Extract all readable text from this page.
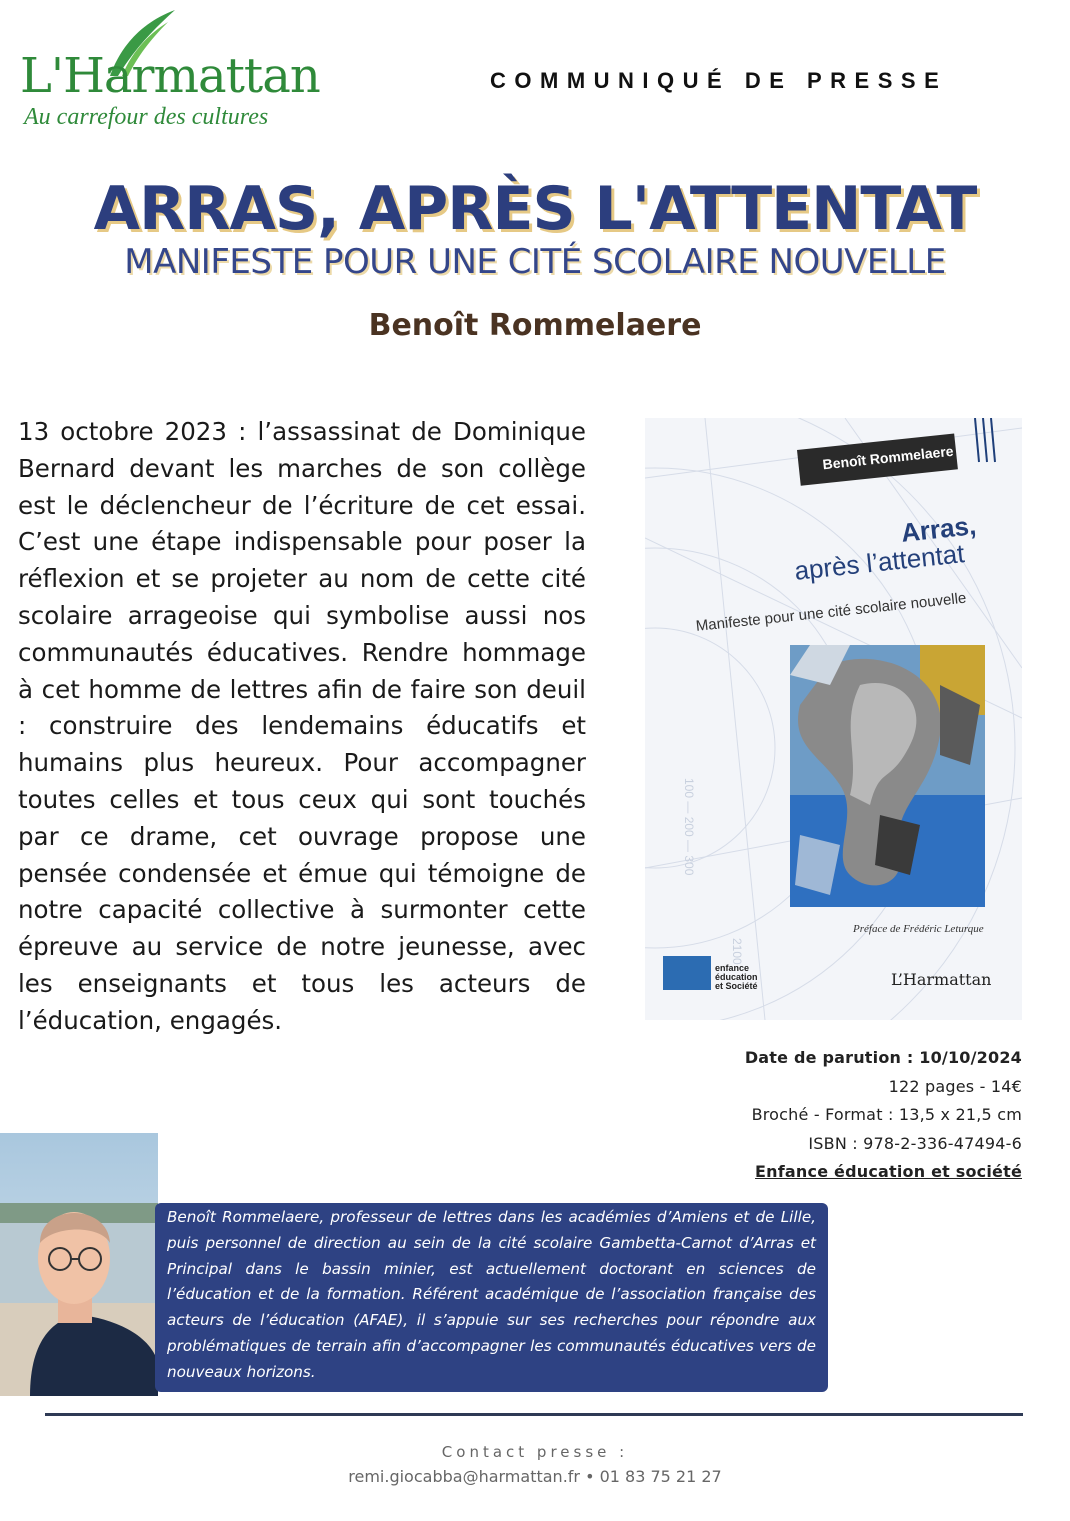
L'Harmattan
Au carrefour des cultures
COMMUNIQUÉ DE PRESSE
ARRAS, APRÈS L'ATTENTAT
MANIFESTE POUR UNE CITÉ SCOLAIRE NOUVELLE
Benoît Rommelaere

13 octobre 2023 : l’assassinat de Dominique Bernard devant les marches de son collège est le déclencheur de l’écriture de cet essai. C’est une étape indispensable pour poser la réflexion et se projeter au nom de cette cité scolaire arrageoise qui symbolise aussi nos communautés éducatives. Rendre hommage à cet homme de lettres afin de faire son deuil : construire des lendemains éducatifs et humains plus heureux. Pour accompagner toutes celles et tous ceux qui sont touchés par ce drame, cet ouvrage propose une pensée condensée et émue qui témoigne de notre capacité collective à surmonter cette épreuve au service de notre jeunesse, avec les enseignants et tous les acteurs de l’éducation, engagés.

100 — 200 — 300
2100
Benoît Rommelaere
Arras,
après l’attentat
Manifeste pour une cité scolaire nouvelle
Préface de Frédéric Leturque
enfance
éducation
et Société	L’Harmattan
Date de parution : 10/10/2024
122 pages - 14€
Broché - Format : 13,5 x 21,5 cm
ISBN : 978-2-336-47494-6
Enfance éducation et société

Benoît Rommelaere, professeur de lettres dans les académies d’Amiens et de Lille, puis personnel de direction au sein de la cité scolaire Gambetta-Carnot d’Arras et Principal dans le bassin minier, est actuellement doctorant en sciences de l’éducation et de la formation. Référent académique de l’association française des acteurs de l’éducation (AFAE), il s’appuie sur ses recherches pour répondre aux problématiques de terrain afin d’accompagner les communautés éducatives vers de nouveaux horizons.

Contact presse :
remi.giocabba@harmattan.fr • 01 83 75 21 27
